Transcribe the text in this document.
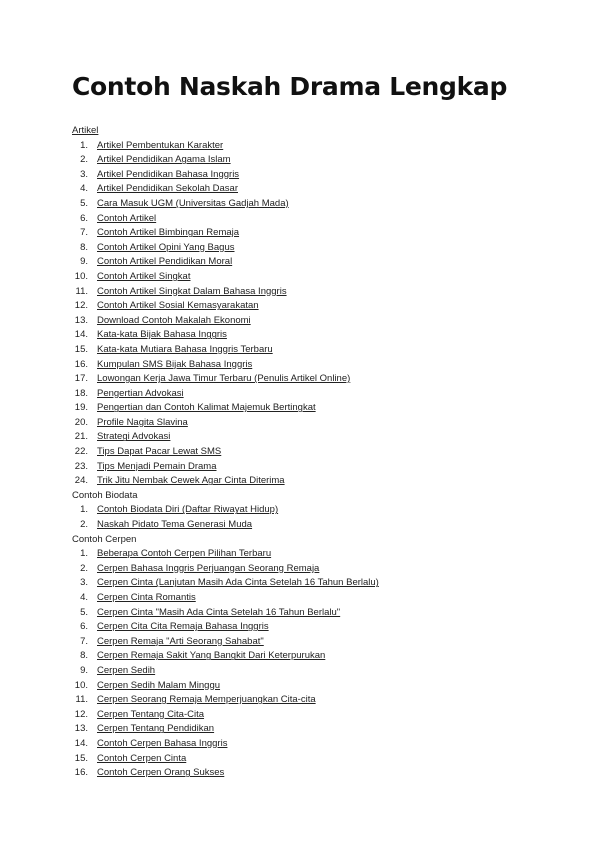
Contoh Naskah Drama Lengkap
Artikel
1. Artikel Pembentukan Karakter
2. Artikel Pendidikan Agama Islam
3. Artikel Pendidikan Bahasa Inggris
4. Artikel Pendidikan Sekolah Dasar
5. Cara Masuk UGM (Universitas Gadjah Mada)
6. Contoh Artikel
7. Contoh Artikel Bimbingan Remaja
8. Contoh Artikel Opini Yang Bagus
9. Contoh Artikel Pendidikan Moral
10. Contoh Artikel Singkat
11. Contoh Artikel Singkat Dalam Bahasa Inggris
12. Contoh Artikel Sosial Kemasyarakatan
13. Download Contoh Makalah Ekonomi
14. Kata-kata Bijak Bahasa Inggris
15. Kata-kata Mutiara Bahasa Inggris Terbaru
16. Kumpulan SMS Bijak Bahasa Inggris
17. Lowongan Kerja Jawa Timur Terbaru (Penulis Artikel Online)
18. Pengertian Advokasi
19. Pengertian dan Contoh Kalimat Majemuk Bertingkat
20. Profile Nagita Slavina
21. Strategi Advokasi
22. Tips Dapat Pacar Lewat SMS
23. Tips Menjadi Pemain Drama
24. Trik Jitu Nembak Cewek Agar Cinta Diterima
Contoh Biodata
1. Contoh Biodata Diri (Daftar Riwayat Hidup)
2. Naskah Pidato Tema Generasi Muda
Contoh Cerpen
1. Beberapa Contoh Cerpen Pilihan Terbaru
2. Cerpen Bahasa Inggris Perjuangan Seorang Remaja
3. Cerpen Cinta (Lanjutan Masih Ada Cinta Setelah 16 Tahun Berlalu)
4. Cerpen Cinta Romantis
5. Cerpen Cinta "Masih Ada Cinta Setelah 16 Tahun Berlalu"
6. Cerpen Cita Cita Remaja Bahasa Inggris
7. Cerpen Remaja "Arti Seorang Sahabat"
8. Cerpen Remaja Sakit Yang Bangkit Dari Keterpurukan
9. Cerpen Sedih
10. Cerpen Sedih Malam Minggu
11. Cerpen Seorang Remaja Memperjuangkan Cita-cita
12. Cerpen Tentang Cita-Cita
13. Cerpen Tentang Pendidikan
14. Contoh Cerpen Bahasa Inggris
15. Contoh Cerpen Cinta
16. Contoh Cerpen Orang Sukses
